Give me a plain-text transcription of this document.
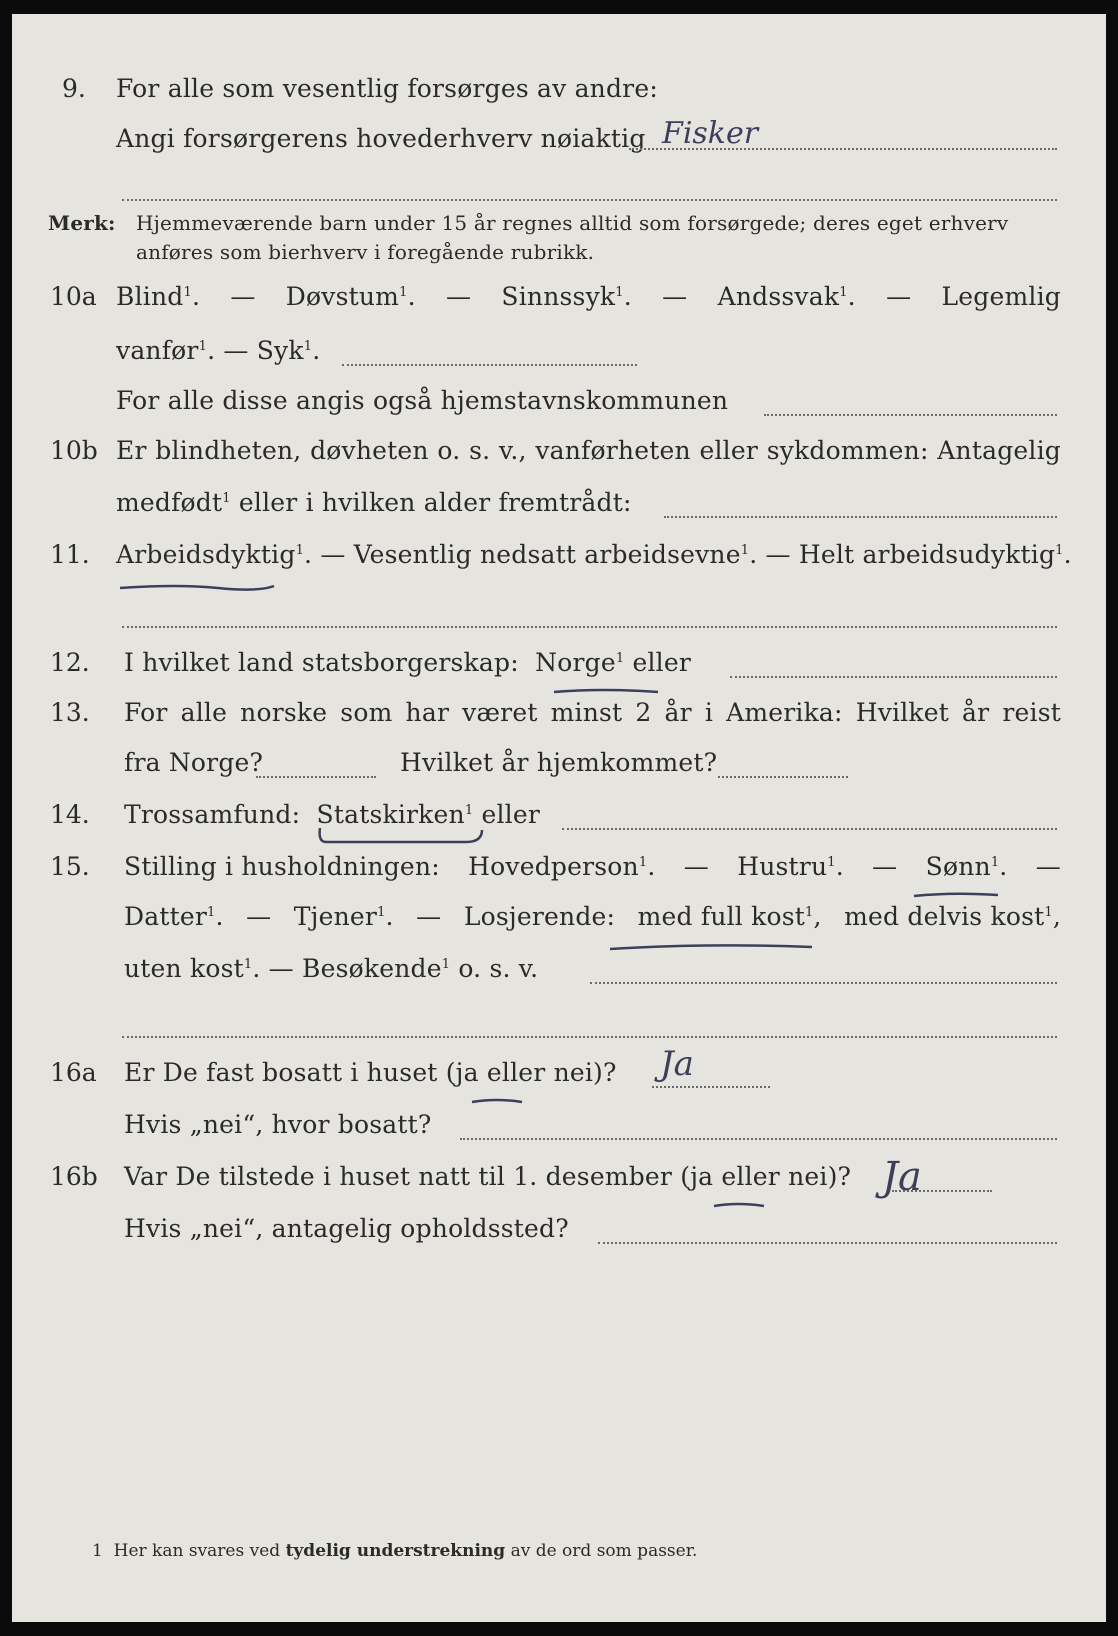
9. For alle som vesentlig forsørges av andre:
Angi forsørgerens hovederhverv nøiaktig Fisker
Merk: Hjemmeværende barn under 15 år regnes alltid som forsørgede; deres eget erhverv
anføres som bierhverv i foregående rubrikk.
10a Blind$^1$. — Døvstum$^1$. — Sinnssyk$^1$. — Andssvak$^1$. — Legemlig
vanfør$^1$. — Syk$^1$.
For alle disse angis også hjemstavnskommunen
10b Er blindheten, døvheten o. s. v., vanførheten eller sykdommen: Antagelig
medfødt$^1$ eller i hvilken alder fremtrådt:
11. Arbeidsdyktig$^1$. — Vesentlig nedsatt arbeidsevne$^1$. — Helt arbeidsudyktig$^1$.
12. I hvilket land statsborgerskap: Norge$^1$ eller
13. For alle norske som har været minst 2 år i Amerika: Hvilket år reist
fra Norge?	Hvilket år hjemkommet?
14. Trossamfund: Statskirken$^1$ eller
15. Stilling i husholdningen: Hovedperson$^1$. — Hustru$^1$. — Sønn$^1$. —
Datter$^1$. — Tjener$^1$. — Losjerende: med full kost$^1$, med delvis kost$^1$,
uten kost$^1$. — Besøkende$^1$ o. s. v.
16a Er De fast bosatt i huset (ja eller nei)? Ja
Hvis „nei“, hvor bosatt?
16b Var De tilstede i huset natt til 1. desember (ja eller nei)? Ja
Hvis „nei“, antagelig opholdssted?
1 Her kan svares ved tydelig understrekning av de ord som passer.
